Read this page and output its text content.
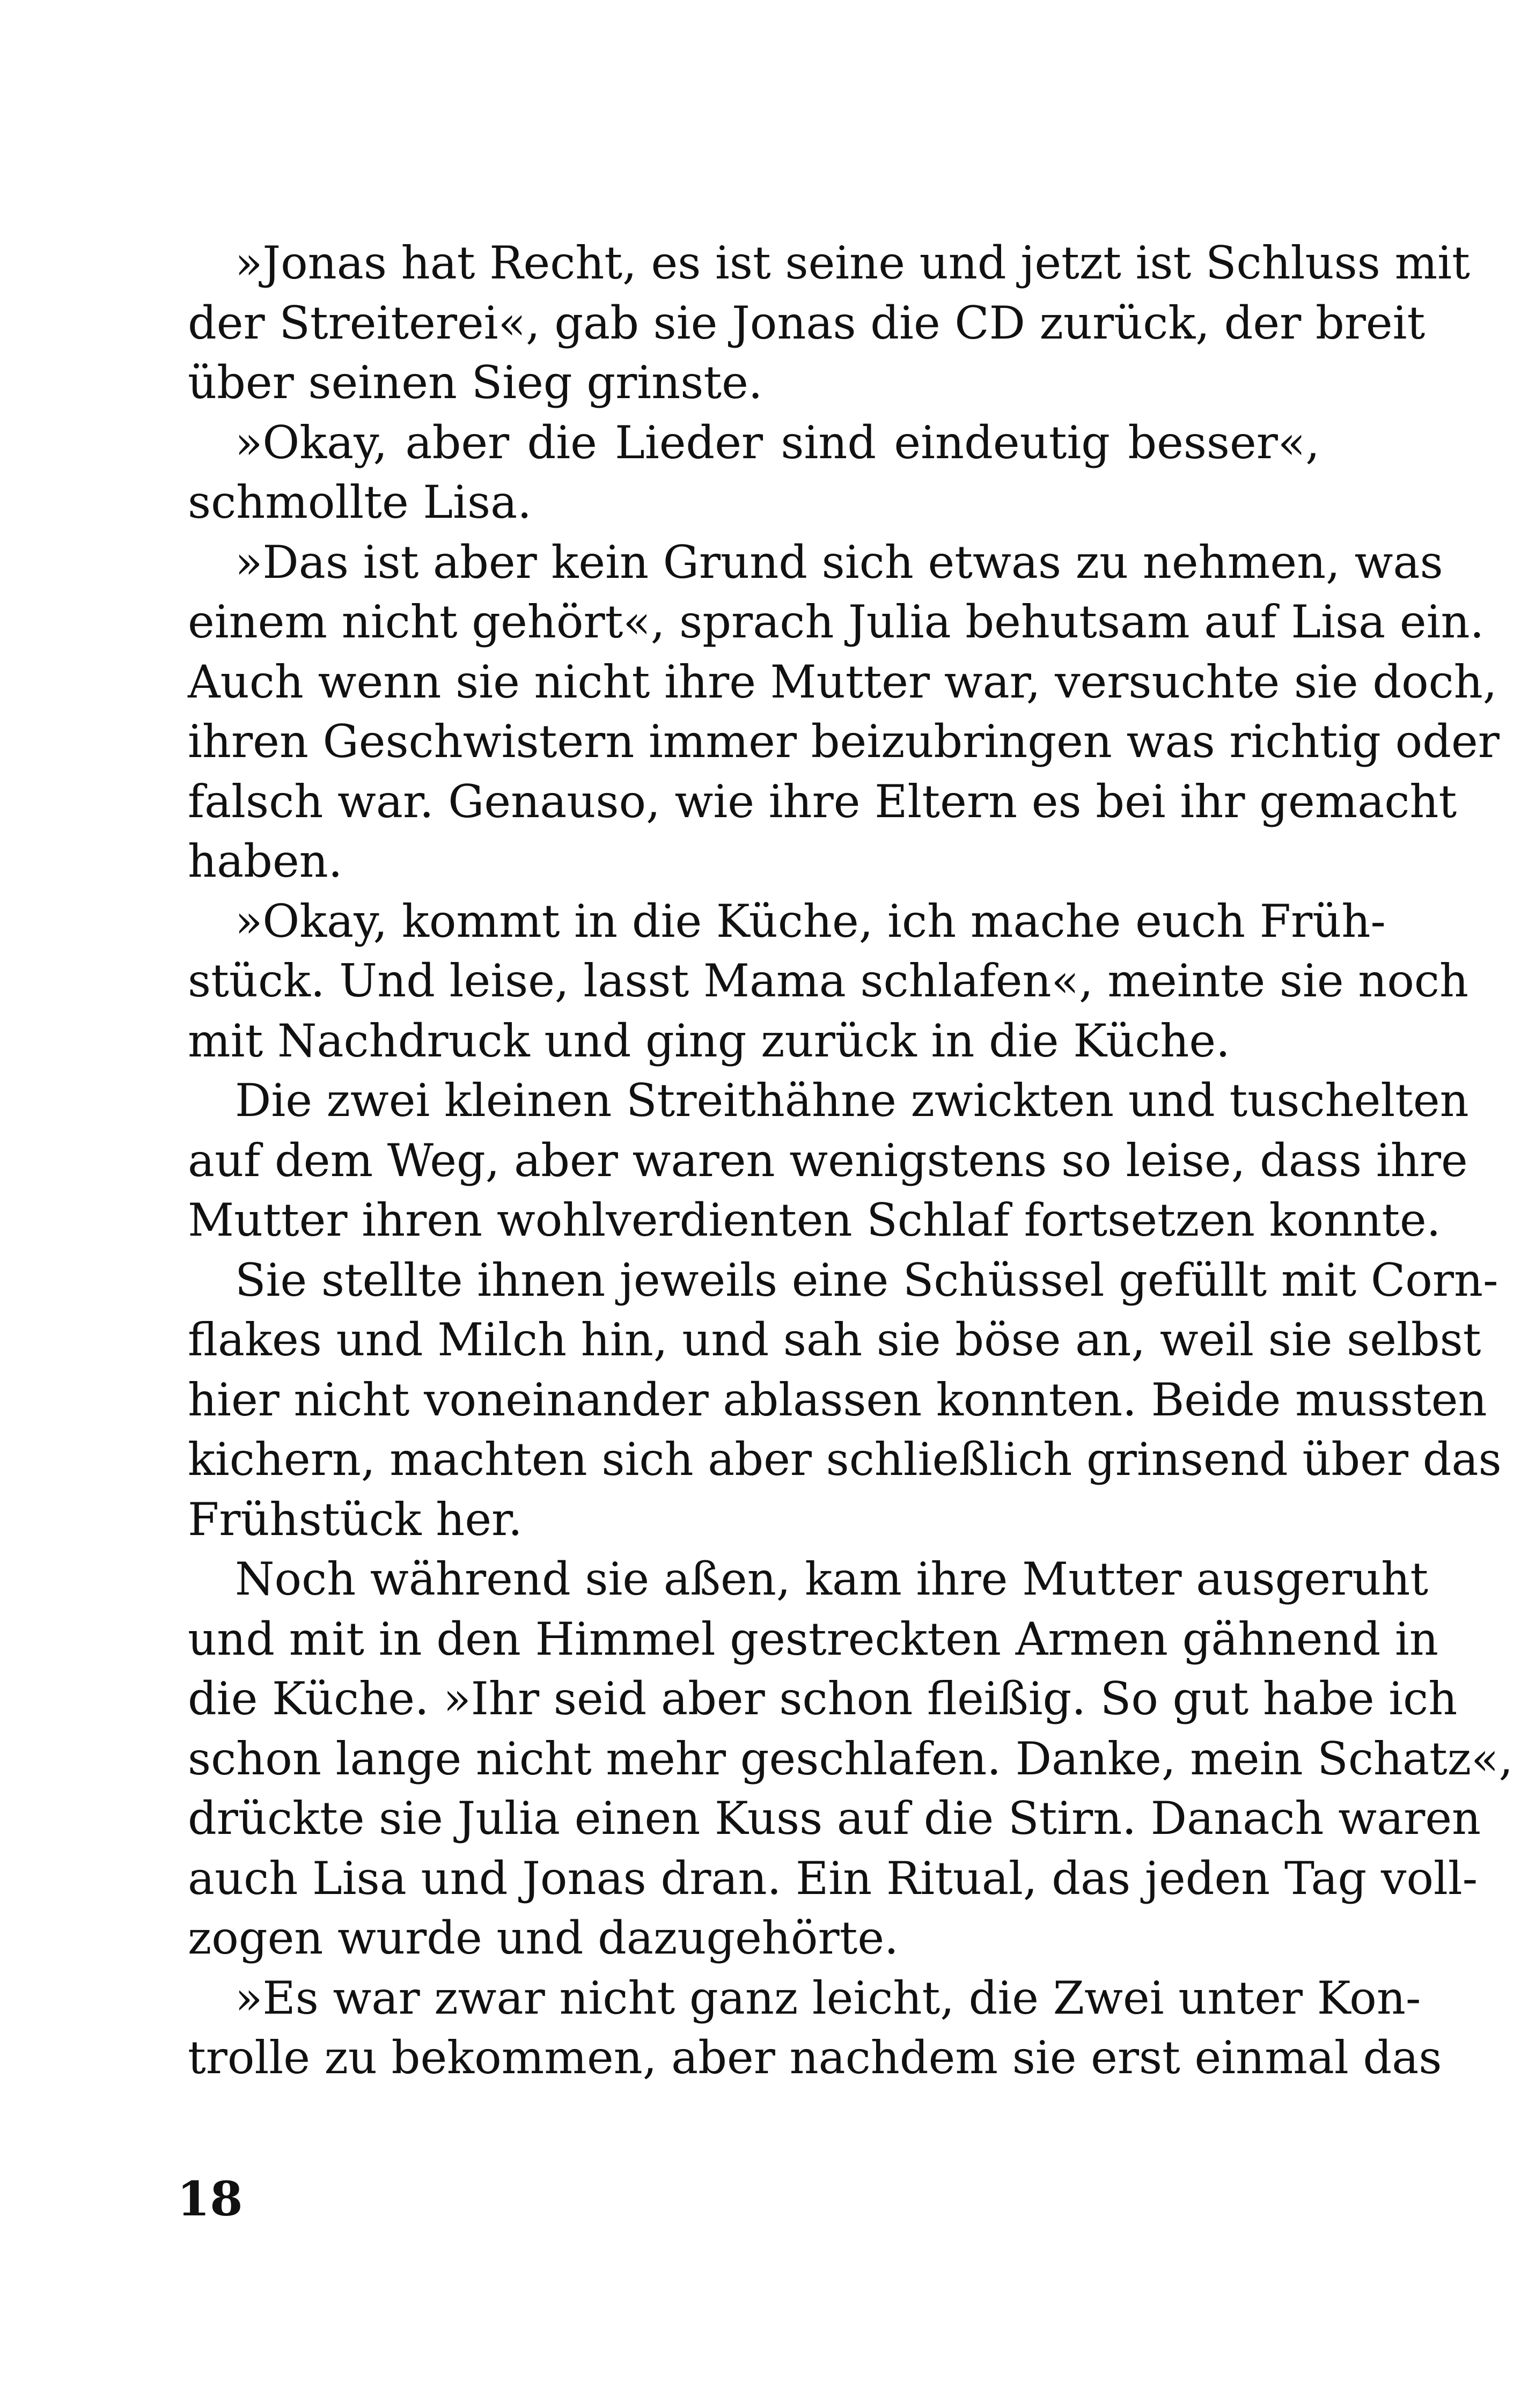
»Jonas hat Recht, es ist seine und jetzt ist Schluss mit
der Streiterei«, gab sie Jonas die CD zurück, der breit
über seinen Sieg grinste.
»Okay, aber die Lieder sind eindeutig besser«,
schmollte Lisa.
»Das ist aber kein Grund sich etwas zu nehmen, was
einem nicht gehört«, sprach Julia behutsam auf Lisa ein.
Auch wenn sie nicht ihre Mutter war, versuchte sie doch,
ihren Geschwistern immer beizubringen was richtig oder
falsch war. Genauso, wie ihre Eltern es bei ihr gemacht
haben.
»Okay, kommt in die Küche, ich mache euch Früh-
stück. Und leise, lasst Mama schlafen«, meinte sie noch
mit Nachdruck und ging zurück in die Küche.
Die zwei kleinen Streithähne zwickten und tuschelten
auf dem Weg, aber waren wenigstens so leise, dass ihre
Mutter ihren wohlverdienten Schlaf fortsetzen konnte.
Sie stellte ihnen jeweils eine Schüssel gefüllt mit Corn-
flakes und Milch hin, und sah sie böse an, weil sie selbst
hier nicht voneinander ablassen konnten. Beide mussten
kichern, machten sich aber schließlich grinsend über das
Frühstück her.
Noch während sie aßen, kam ihre Mutter ausgeruht
und mit in den Himmel gestreckten Armen gähnend in
die Küche. »Ihr seid aber schon fleißig. So gut habe ich
schon lange nicht mehr geschlafen. Danke, mein Schatz«,
drückte sie Julia einen Kuss auf die Stirn. Danach waren
auch Lisa und Jonas dran. Ein Ritual, das jeden Tag voll-
zogen wurde und dazugehörte.
»Es war zwar nicht ganz leicht, die Zwei unter Kon-
trolle zu bekommen, aber nachdem sie erst einmal das
18
